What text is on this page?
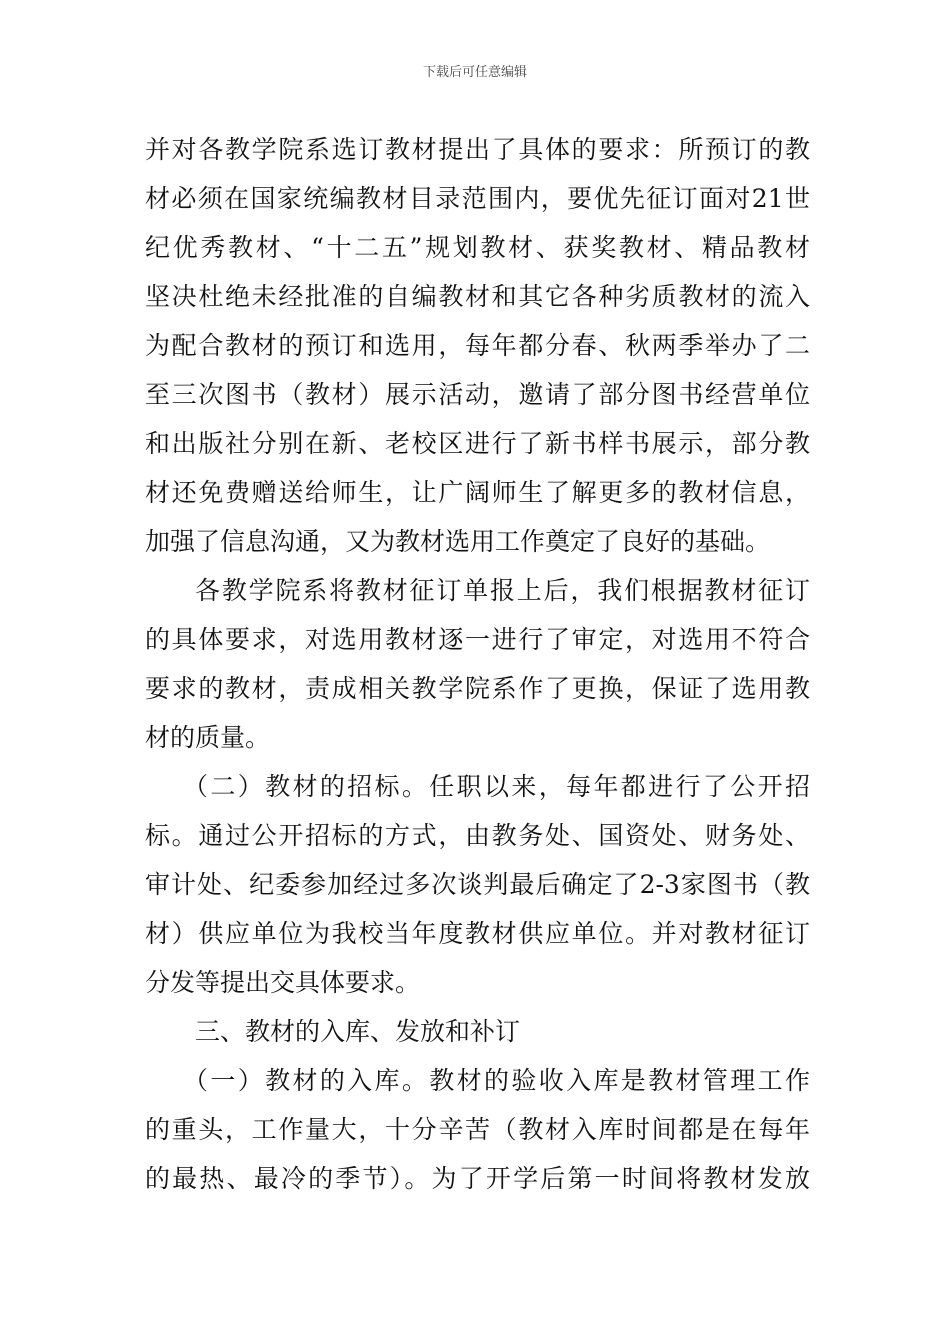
下载后可任意编辑
并对各教学院系选订教材提出了具体的要求：所预订的教
材必须在国家统编教材目录范围内，要优先征订面对21世
纪优秀教材、“十二五”规划教材、获奖教材、精品教材
坚决杜绝未经批准的自编教材和其它各种劣质教材的流入
为配合教材的预订和选用，每年都分春、秋两季举办了二
至三次图书（教材）展示活动，邀请了部分图书经营单位
和出版社分别在新、老校区进行了新书样书展示，部分教
材还免费赠送给师生，让广阔师生了解更多的教材信息，
加强了信息沟通，又为教材选用工作奠定了良好的基础。
各教学院系将教材征订单报上后，我们根据教材征订
的具体要求，对选用教材逐一进行了审定，对选用不符合
要求的教材，责成相关教学院系作了更换，保证了选用教
材的质量。
（二）教材的招标。任职以来，每年都进行了公开招
标。通过公开招标的方式，由教务处、国资处、财务处、
审计处、纪委参加经过多次谈判最后确定了2-3家图书（教
材）供应单位为我校当年度教材供应单位。并对教材征订
分发等提出交具体要求。
三、教材的入库、发放和补订
（一）教材的入库。教材的验收入库是教材管理工作
的重头，工作量大，十分辛苦（教材入库时间都是在每年
的最热、最冷的季节）。为了开学后第一时间将教材发放
